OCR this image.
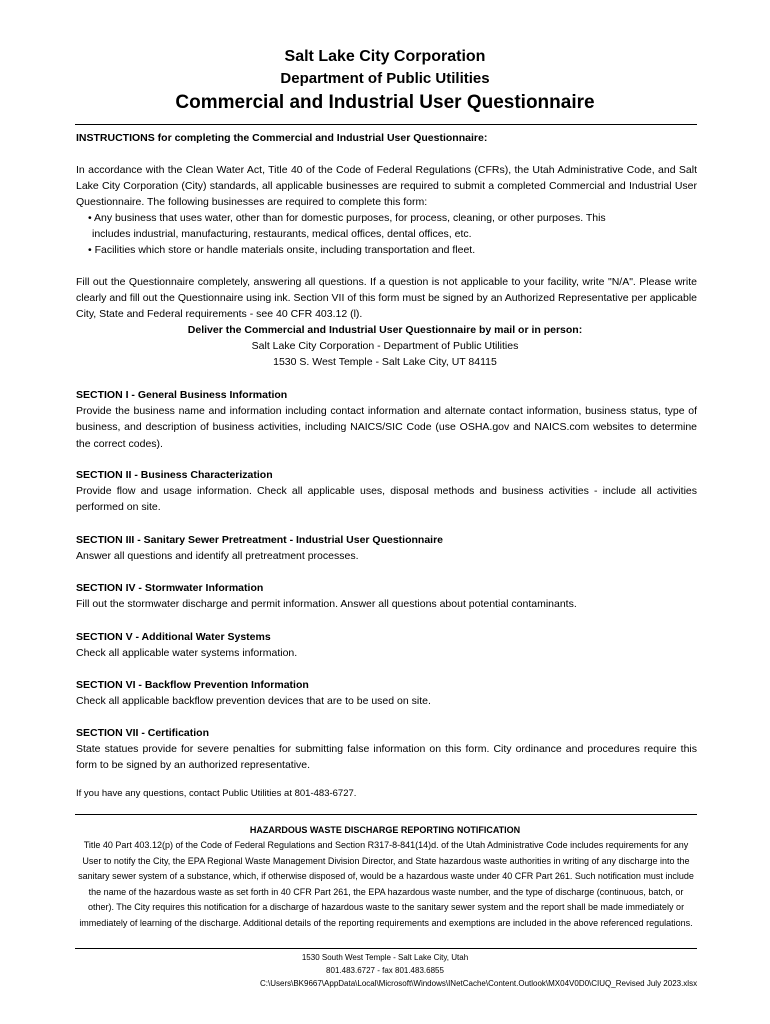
Salt Lake City Corporation
Department of Public Utilities
Commercial and Industrial User Questionnaire
INSTRUCTIONS for completing the Commercial and Industrial User Questionnaire:
In accordance with the Clean Water Act, Title 40 of the Code of Federal Regulations (CFRs), the Utah Administrative Code, and Salt Lake City Corporation (City) standards, all applicable businesses are required to submit a completed Commercial and Industrial User Questionnaire. The following businesses are required to complete this form:
• Any business that uses water, other than for domestic purposes, for process, cleaning, or other purposes. This
includes industrial, manufacturing, restaurants, medical offices, dental offices, etc.
• Facilities which store or handle materials onsite, including transportation and fleet.
Fill out the Questionnaire completely, answering all questions. If a question is not applicable to your facility, write "N/A". Please write clearly and fill out the Questionnaire using ink. Section VII of this form must be signed by an Authorized Representative per applicable City, State and Federal requirements - see 40 CFR 403.12 (l).
Deliver the Commercial and Industrial User Questionnaire by mail or in person:
Salt Lake City Corporation - Department of Public Utilities
1530 S. West Temple - Salt Lake City, UT 84115
SECTION I - General Business Information
Provide the business name and information including contact information and alternate contact information, business status, type of business, and description of business activities, including NAICS/SIC Code (use OSHA.gov and NAICS.com websites to determine the correct codes).
SECTION II - Business Characterization
Provide flow and usage information. Check all applicable uses, disposal methods and business activities - include all activities performed on site.
SECTION III - Sanitary Sewer Pretreatment - Industrial User Questionnaire
Answer all questions and identify all pretreatment processes.
SECTION IV - Stormwater Information
Fill out the stormwater discharge and permit information. Answer all questions about potential contaminants.
SECTION V - Additional Water Systems
Check all applicable water systems information.
SECTION VI - Backflow Prevention Information
Check all applicable backflow prevention devices that are to be used on site.
SECTION VII - Certification
State statues provide for severe penalties for submitting false information on this form. City ordinance and procedures require this form to be signed by an authorized representative.
If you have any questions, contact Public Utilities at 801-483-6727.
HAZARDOUS WASTE DISCHARGE REPORTING NOTIFICATION
Title 40 Part 403.12(p) of the Code of Federal Regulations and Section R317-8-841(14)d. of the Utah Administrative Code includes requirements for any User to notify the City, the EPA Regional Waste Management Division Director, and State hazardous waste authorities in writing of any discharge into the sanitary sewer system of a substance, which, if otherwise disposed of, would be a hazardous waste under 40 CFR Part 261. Such notification must include the name of the hazardous waste as set forth in 40 CFR Part 261, the EPA hazardous waste number, and the type of discharge (continuous, batch, or other). The City requires this notification for a discharge of hazardous waste to the sanitary sewer system and the report shall be made immediately or immediately of learning of the discharge. Additional details of the reporting requirements and exemptions are included in the above referenced regulations.
1530 South West Temple - Salt Lake City, Utah
801.483.6727 - fax 801.483.6855
C:\Users\BK9667\AppData\Local\Microsoft\Windows\INetCache\Content.Outlook\MX04V0D0\CIUQ_Revised July 2023.xlsx
